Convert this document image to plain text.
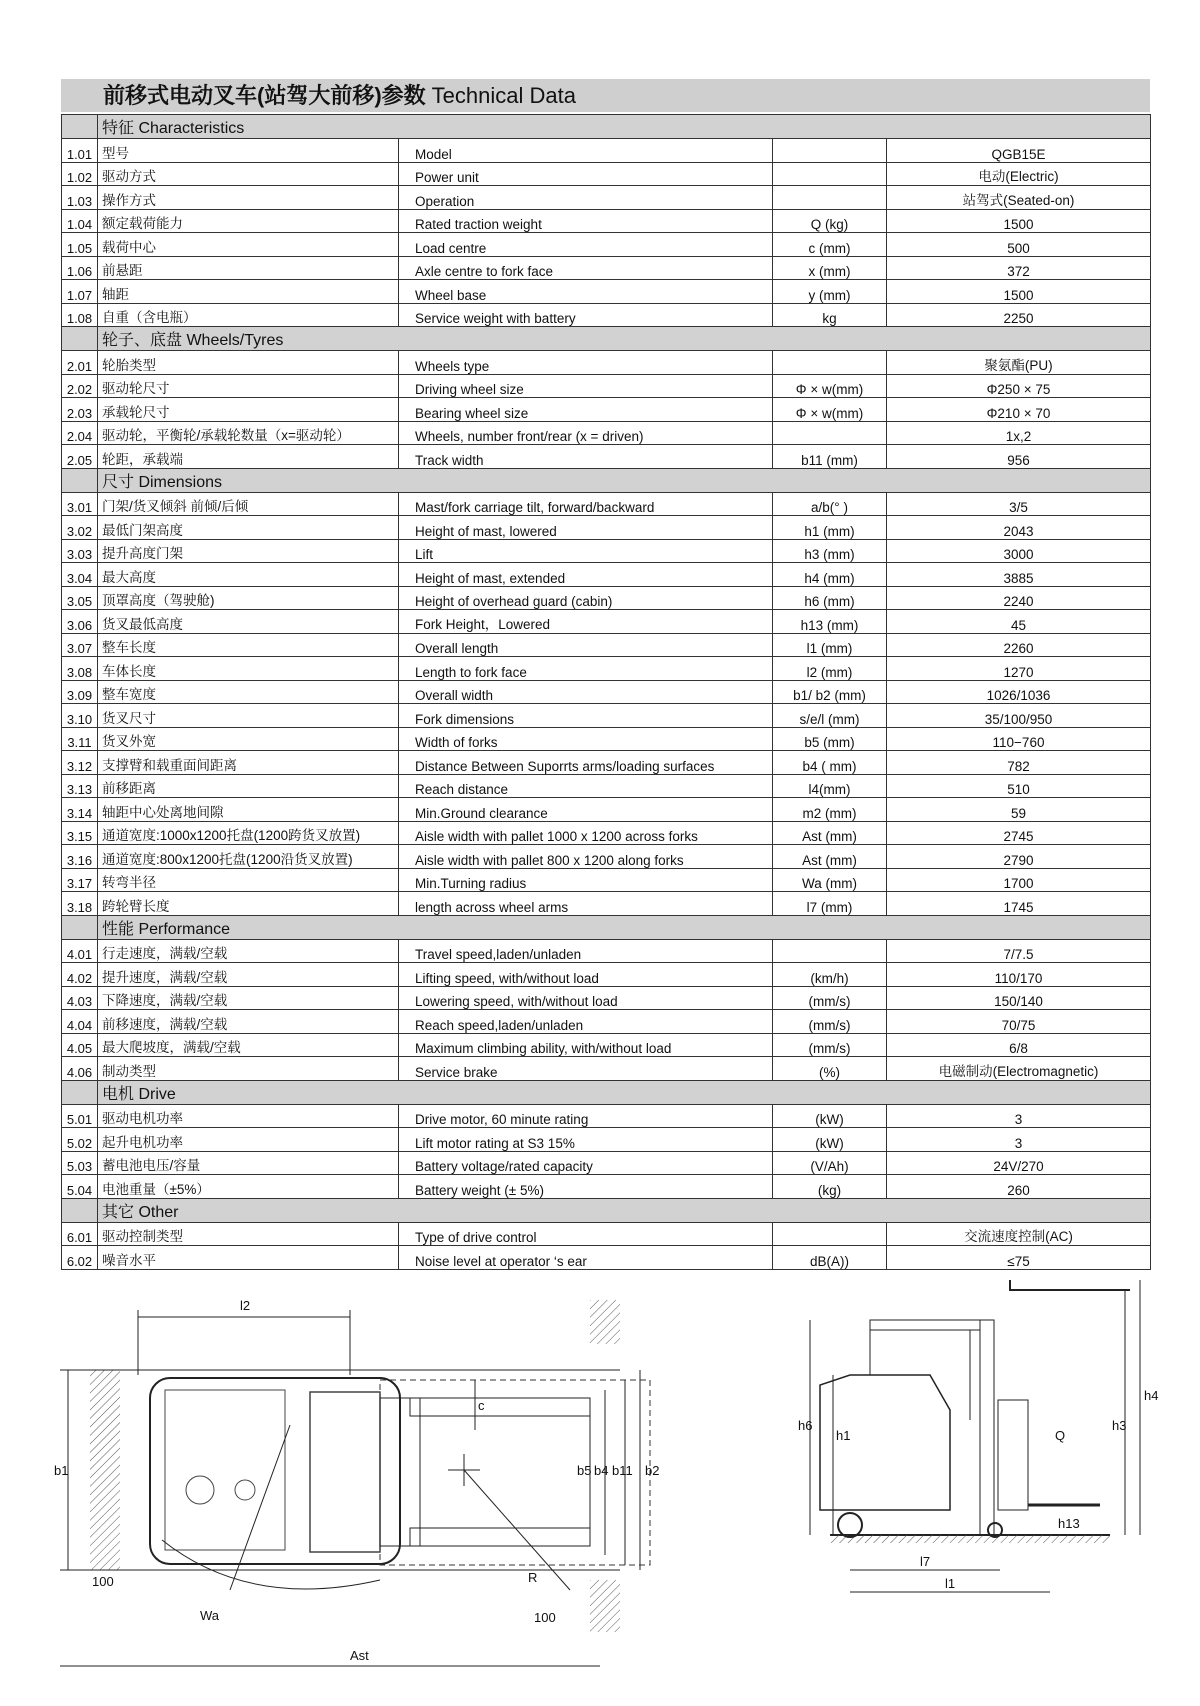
前移式电动叉车(站驾大前移)参数 Technical Data
	特征 Characteristics			
1.01	型号	Model		QGB15E
1.02	驱动方式	Power unit		电动(Electric)
1.03	操作方式	Operation		站驾式(Seated-on)
1.04	额定载荷能力	Rated traction weight	Q (kg)	1500
1.05	载荷中心	Load centre	c (mm)	500
1.06	前悬距	Axle centre to fork face	x (mm)	372
1.07	轴距	Wheel base	y (mm)	1500
1.08	自重（含电瓶）	Service weight with battery	kg	2250
	轮子、底盘 Wheels/Tyres			
2.01	轮胎类型	Wheels type		聚氨酯(PU)
2.02	驱动轮尺寸	Driving wheel size	Φ × w(mm)	Φ250 × 75
2.03	承载轮尺寸	Bearing wheel size	Φ × w(mm)	Φ210 × 70
2.04	驱动轮，平衡轮/承载轮数量（x=驱动轮）	Wheels, number front/rear (x = driven)		1x,2
2.05	轮距，承载端	Track width	b11 (mm)	956
	尺寸 Dimensions			
3.01	门架/货叉倾斜 前倾/后倾	Mast/fork carriage tilt, forward/backward	a/b(° )	3/5
3.02	最低门架高度	Height of mast, lowered	h1 (mm)	2043
3.03	提升高度门架	Lift	h3 (mm)	3000
3.04	最大高度	Height of mast, extended	h4 (mm)	3885
3.05	顶罩高度（驾驶舱)	Height of overhead guard (cabin)	h6 (mm)	2240
3.06	货叉最低高度	Fork Height，Lowered	h13 (mm)	45
3.07	整车长度	Overall length	l1 (mm)	2260
3.08	车体长度	Length to fork face	l2 (mm)	1270
3.09	整车宽度	Overall width	b1/ b2 (mm)	1026/1036
3.10	货叉尺寸	Fork dimensions	s/e/l (mm)	35/100/950
3.11	货叉外宽	Width of forks	b5 (mm)	110−760
3.12	支撑臂和载重面间距离	Distance Between Suporrts arms/loading surfaces	b4 ( mm)	782
3.13	前移距离	Reach distance	l4(mm)	510
3.14	轴距中心处离地间隙	Min.Ground clearance	m2 (mm)	59
3.15	通道宽度:1000x1200托盘(1200跨货叉放置)	Aisle width with pallet 1000 x 1200 across forks	Ast (mm)	2745
3.16	通道宽度:800x1200托盘(1200沿货叉放置)	Aisle width with pallet 800 x 1200 along forks	Ast (mm)	2790
3.17	转弯半径	Min.Turning radius	Wa (mm)	1700
3.18	跨轮臂长度	length across wheel arms	l7 (mm)	1745
	性能 Performance			
4.01	行走速度，满载/空载	Travel speed,laden/unladen		7/7.5
4.02	提升速度，满载/空载	Lifting speed, with/without load	(km/h)	110/170
4.03	下降速度，满载/空载	Lowering speed, with/without load	(mm/s)	150/140
4.04	前移速度，满载/空载	Reach speed,laden/unladen	(mm/s)	70/75
4.05	最大爬坡度，满载/空载	Maximum climbing ability, with/without load	(mm/s)	6/8
4.06	制动类型	Service brake	(%)	电磁制动(Electromagnetic)
	电机 Drive			
5.01	驱动电机功率	Drive motor, 60 minute rating	(kW)	3
5.02	起升电机功率	Lift motor rating at S3 15%	(kW)	3
5.03	蓄电池电压/容量	Battery voltage/rated capacity	(V/Ah)	24V/270
5.04	电池重量（±5%）	Battery weight (± 5%)	(kg)	260
	其它 Other			
6.01	驱动控制类型	Type of drive control		交流速度控制(AC)
6.02	噪音水平	Noise level at operator ‘s ear	dB(A))	≤75
l2
b1
c
b5 b4 b11 b2
Wa
R
100
100
Ast
h6
h1
h3
h4
Q
l7
l1
h13
